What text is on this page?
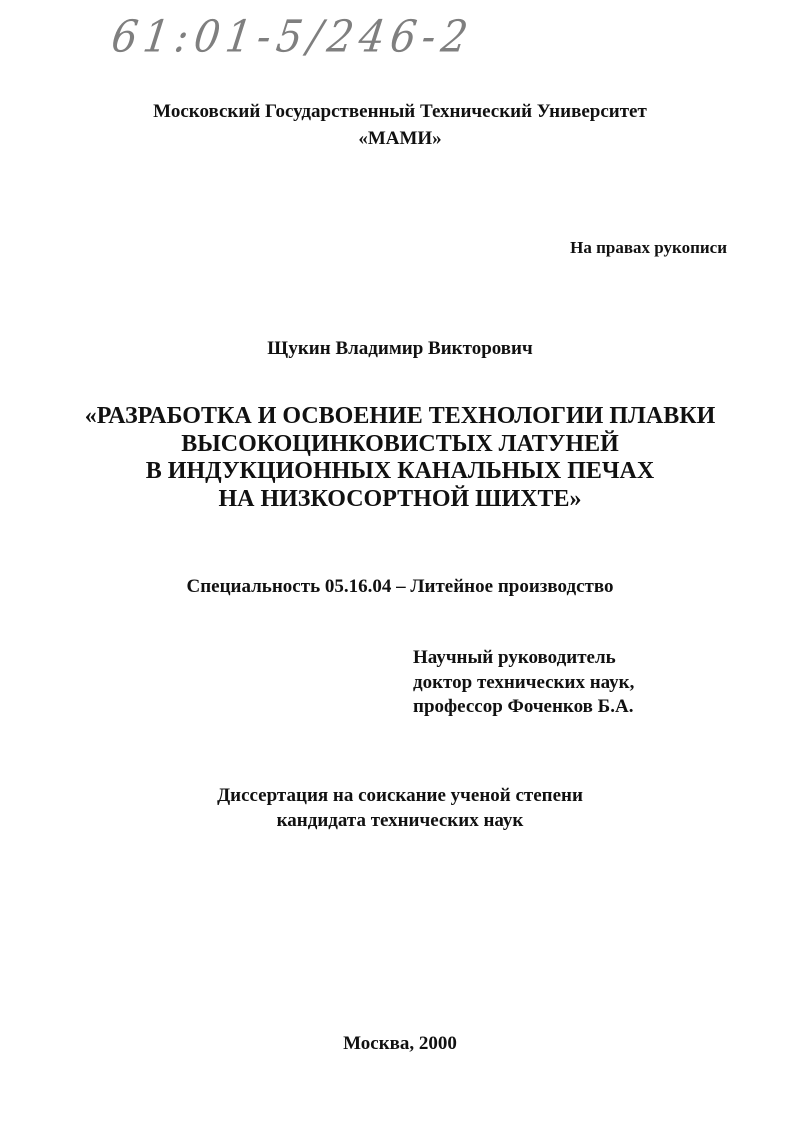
61:01-5/246-2
Московский Государственный Технический Университет
«МАМИ»
На правах рукописи
Щукин Владимир Викторович
«РАЗРАБОТКА И ОСВОЕНИЕ ТЕХНОЛОГИИ ПЛАВКИ
ВЫСОКОЦИНКОВИСТЫХ ЛАТУНЕЙ
В ИНДУКЦИОННЫХ КАНАЛЬНЫХ ПЕЧАХ
НА НИЗКОСОРТНОЙ ШИХТЕ»
Специальность 05.16.04 – Литейное производство
Научный руководитель
доктор технических наук,
профессор Фоченков Б.А.
Диссертация на соискание ученой степени
кандидата технических наук
Москва, 2000
